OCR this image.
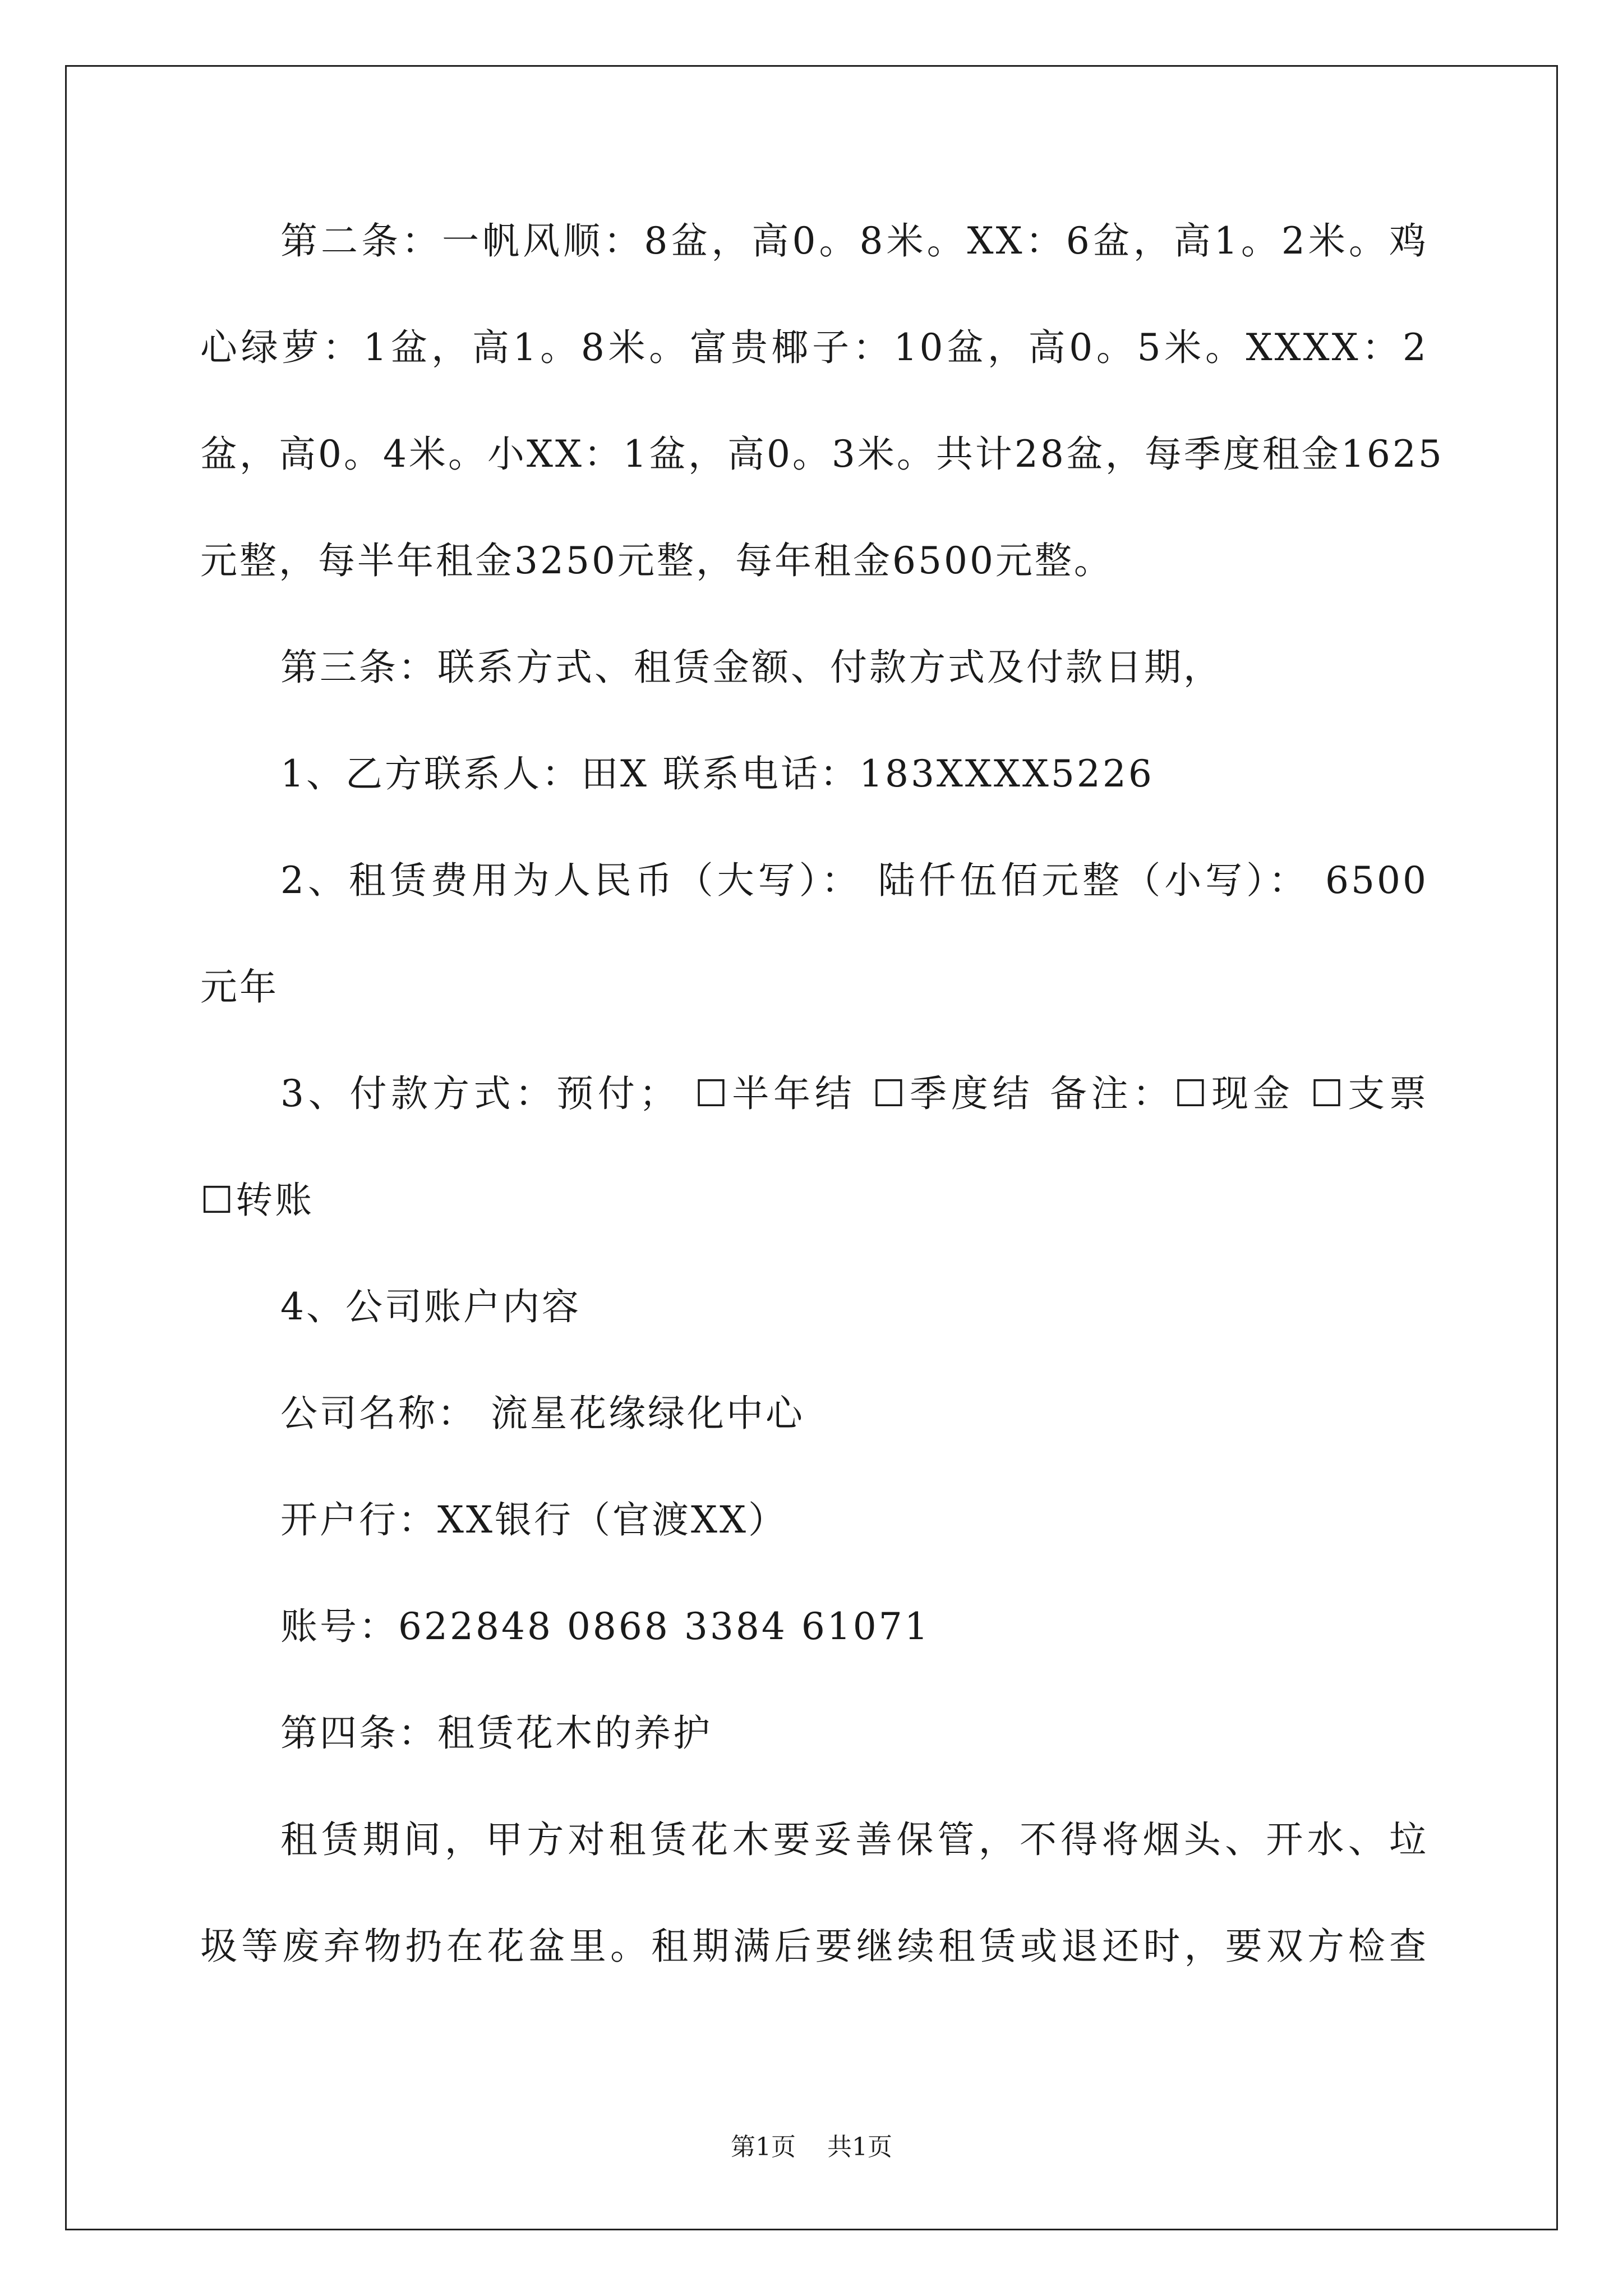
第二条：一帆风顺：8盆，高0。8米。XX：6盆，高1。2米。鸡
心绿萝：1盆，高1。8米。富贵椰子：10盆，高0。5米。XXXX：2
盆，高0。4米。小XX：1盆，高0。3米。共计28盆，每季度租金1625
元整，每半年租金3250元整，每年租金6500元整。
第三条：联系方式、租赁金额、付款方式及付款日期，
1、乙方联系人：田X 联系电话：183XXXX5226
2、租赁费用为人民币（大写）： 陆仟伍佰元整（小写）： 6500
元年
3、付款方式：预付； ☐半年结 ☐季度结 备注：☐现金 ☐支票
☐转账
4、公司账户内容
公司名称： 流星花缘绿化中心
开户行：XX银行（官渡XX）
账号：622848 0868 3384 61071
第四条：租赁花木的养护
租赁期间，甲方对租赁花木要妥善保管，不得将烟头、开水、垃
圾等废弃物扔在花盆里。租期满后要继续租赁或退还时，要双方检查
第1页    共1页
